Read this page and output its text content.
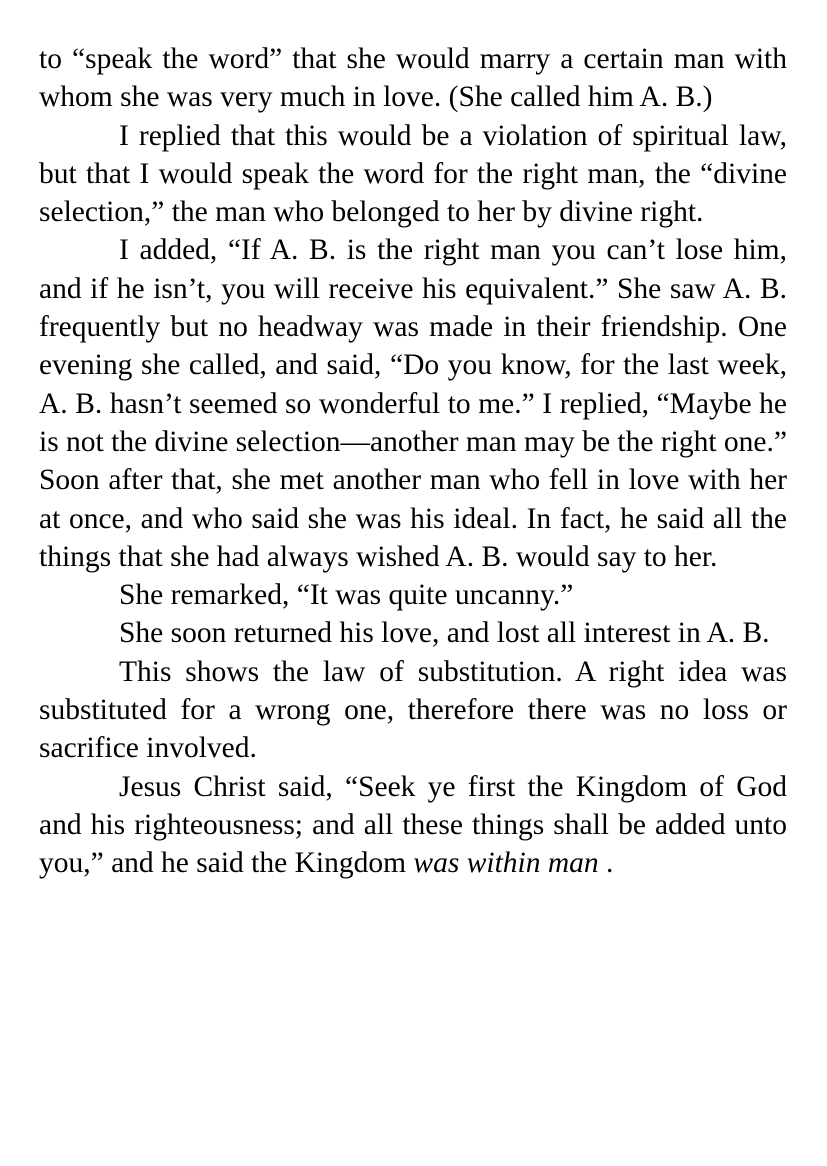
to “speak the word” that she would marry a certain man with whom she was very much in love. (She called him A. B.)

I replied that this would be a violation of spiritual law, but that I would speak the word for the right man, the “divine selection,” the man who belonged to her by divine right.

I added, “If A. B. is the right man you can’t lose him, and if he isn’t, you will receive his equivalent.” She saw A. B. frequently but no headway was made in their friendship. One evening she called, and said, “Do you know, for the last week, A. B. hasn’t seemed so wonderful to me.” I replied, “Maybe he is not the divine selection—another man may be the right one.” Soon after that, she met another man who fell in love with her at once, and who said she was his ideal. In fact, he said all the things that she had always wished A. B. would say to her.

She remarked, “It was quite uncanny.”

She soon returned his love, and lost all interest in A. B.

This shows the law of substitution. A right idea was substituted for a wrong one, therefore there was no loss or sacrifice involved.

Jesus Christ said, “Seek ye first the Kingdom of God and his righteousness; and all these things shall be added unto you,” and he said the Kingdom was within man .
